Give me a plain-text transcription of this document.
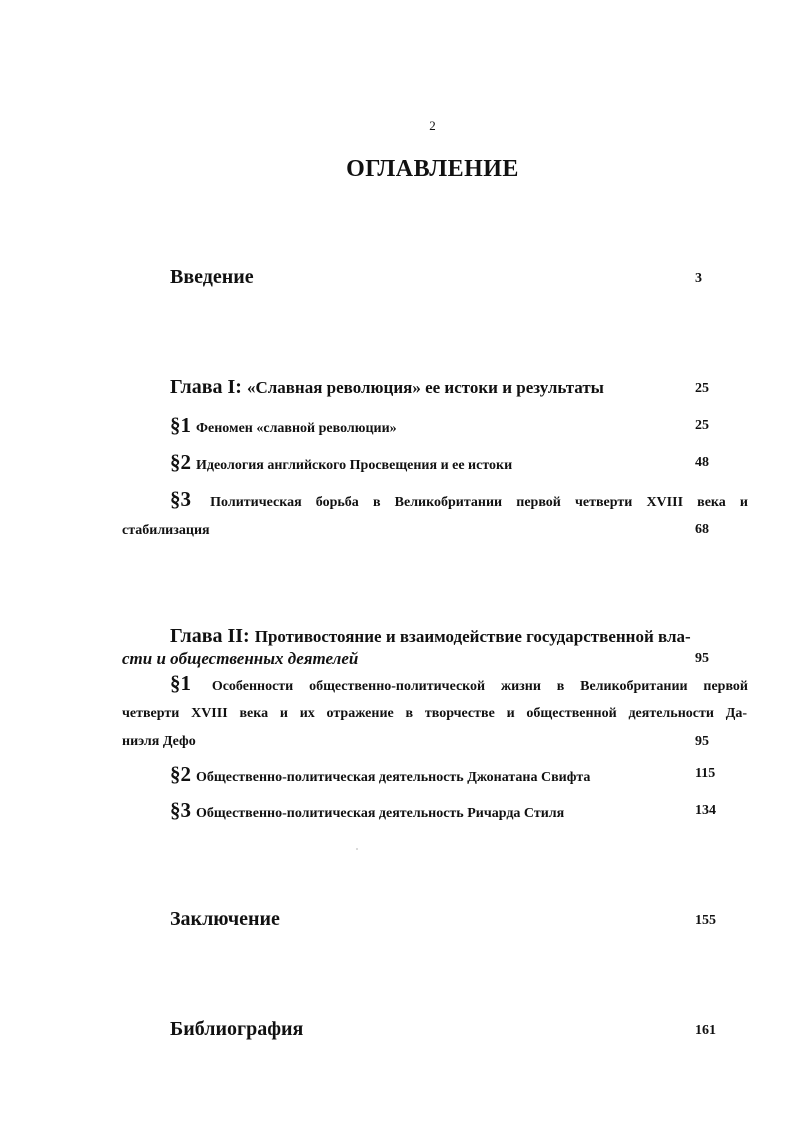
2
ОГЛАВЛЕНИЕ
Введение	3
Глава I: «Славная революция» ее истоки и результаты	25
§1 Феномен «славной революции»	25
§2 Идеология английского Просвещения и ее истоки	48
§3 Политическая борьба в Великобритании первой четверти XVIII века и
стабилизация	68
Глава II: Противостояние и взаимодействие государственной вла-
сти и общественных деятелей	95
§1 Особенности общественно-политической жизни в Великобритании первой
четверти XVIII века и их отражение в творчестве и общественной деятельности Да-
ниэля Дефо	95
§2 Общественно-политическая деятельность Джонатана Свифта	115
§3 Общественно-политическая деятельность Ричарда Стиля	134
Заключение	155
Библиография	161
